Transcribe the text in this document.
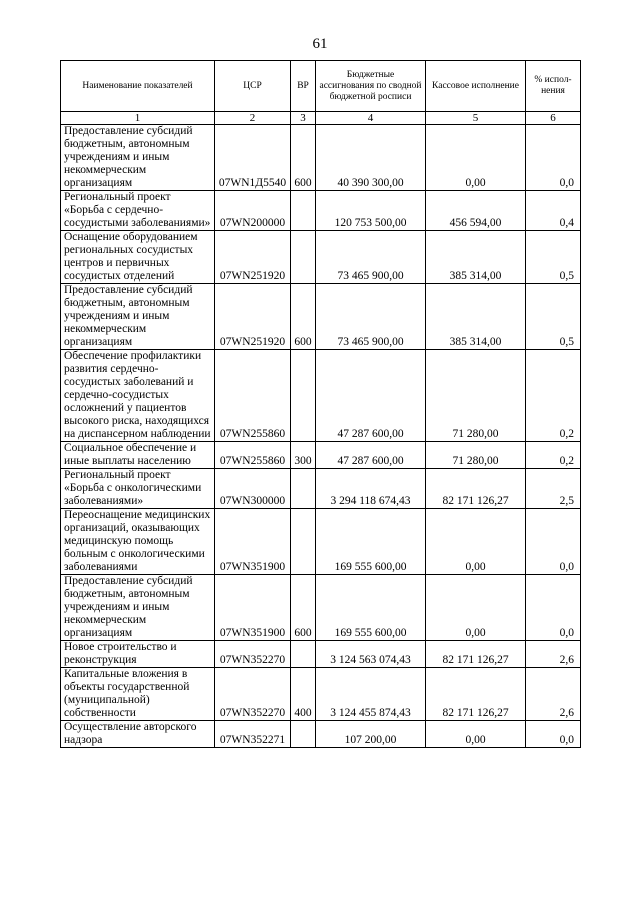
61
Наименование показателей	ЦСР	ВР	Бюджетные ассигнования по сводной бюджетной росписи	Кассовое исполнение	% испол-нения
1	2	3	4	5	6
Предоставление субсидий бюджетным, автономным учреждениям и иным некоммерческим организациям	07WN1Д5540	600	40 390 300,00	0,00	0,0
Региональный проект «Борьба с сердечно-сосудистыми заболеваниями»	07WN200000		120 753 500,00	456 594,00	0,4
Оснащение оборудованием региональных сосудистых центров и первичных сосудистых отделений	07WN251920		73 465 900,00	385 314,00	0,5
Предоставление субсидий бюджетным, автономным учреждениям и иным некоммерческим организациям	07WN251920	600	73 465 900,00	385 314,00	0,5
Обеспечение профилактики развития сердечно-сосудистых заболеваний и сердечно-сосудистых осложнений у пациентов высокого риска, находящихся на диспансерном наблюдении	07WN255860		47 287 600,00	71 280,00	0,2
Социальное обеспечение и иные выплаты населению	07WN255860	300	47 287 600,00	71 280,00	0,2
Региональный проект «Борьба с онкологическими заболеваниями»	07WN300000		3 294 118 674,43	82 171 126,27	2,5
Переоснащение медицинских организаций, оказывающих медицинскую помощь больным с онкологическими заболеваниями	07WN351900		169 555 600,00	0,00	0,0
Предоставление субсидий бюджетным, автономным учреждениям и иным некоммерческим организациям	07WN351900	600	169 555 600,00	0,00	0,0
Новое строительство и реконструкция	07WN352270		3 124 563 074,43	82 171 126,27	2,6
Капитальные вложения в объекты государственной (муниципальной) собственности	07WN352270	400	3 124 455 874,43	82 171 126,27	2,6
Осуществление авторского надзора	07WN352271		107 200,00	0,00	0,0
